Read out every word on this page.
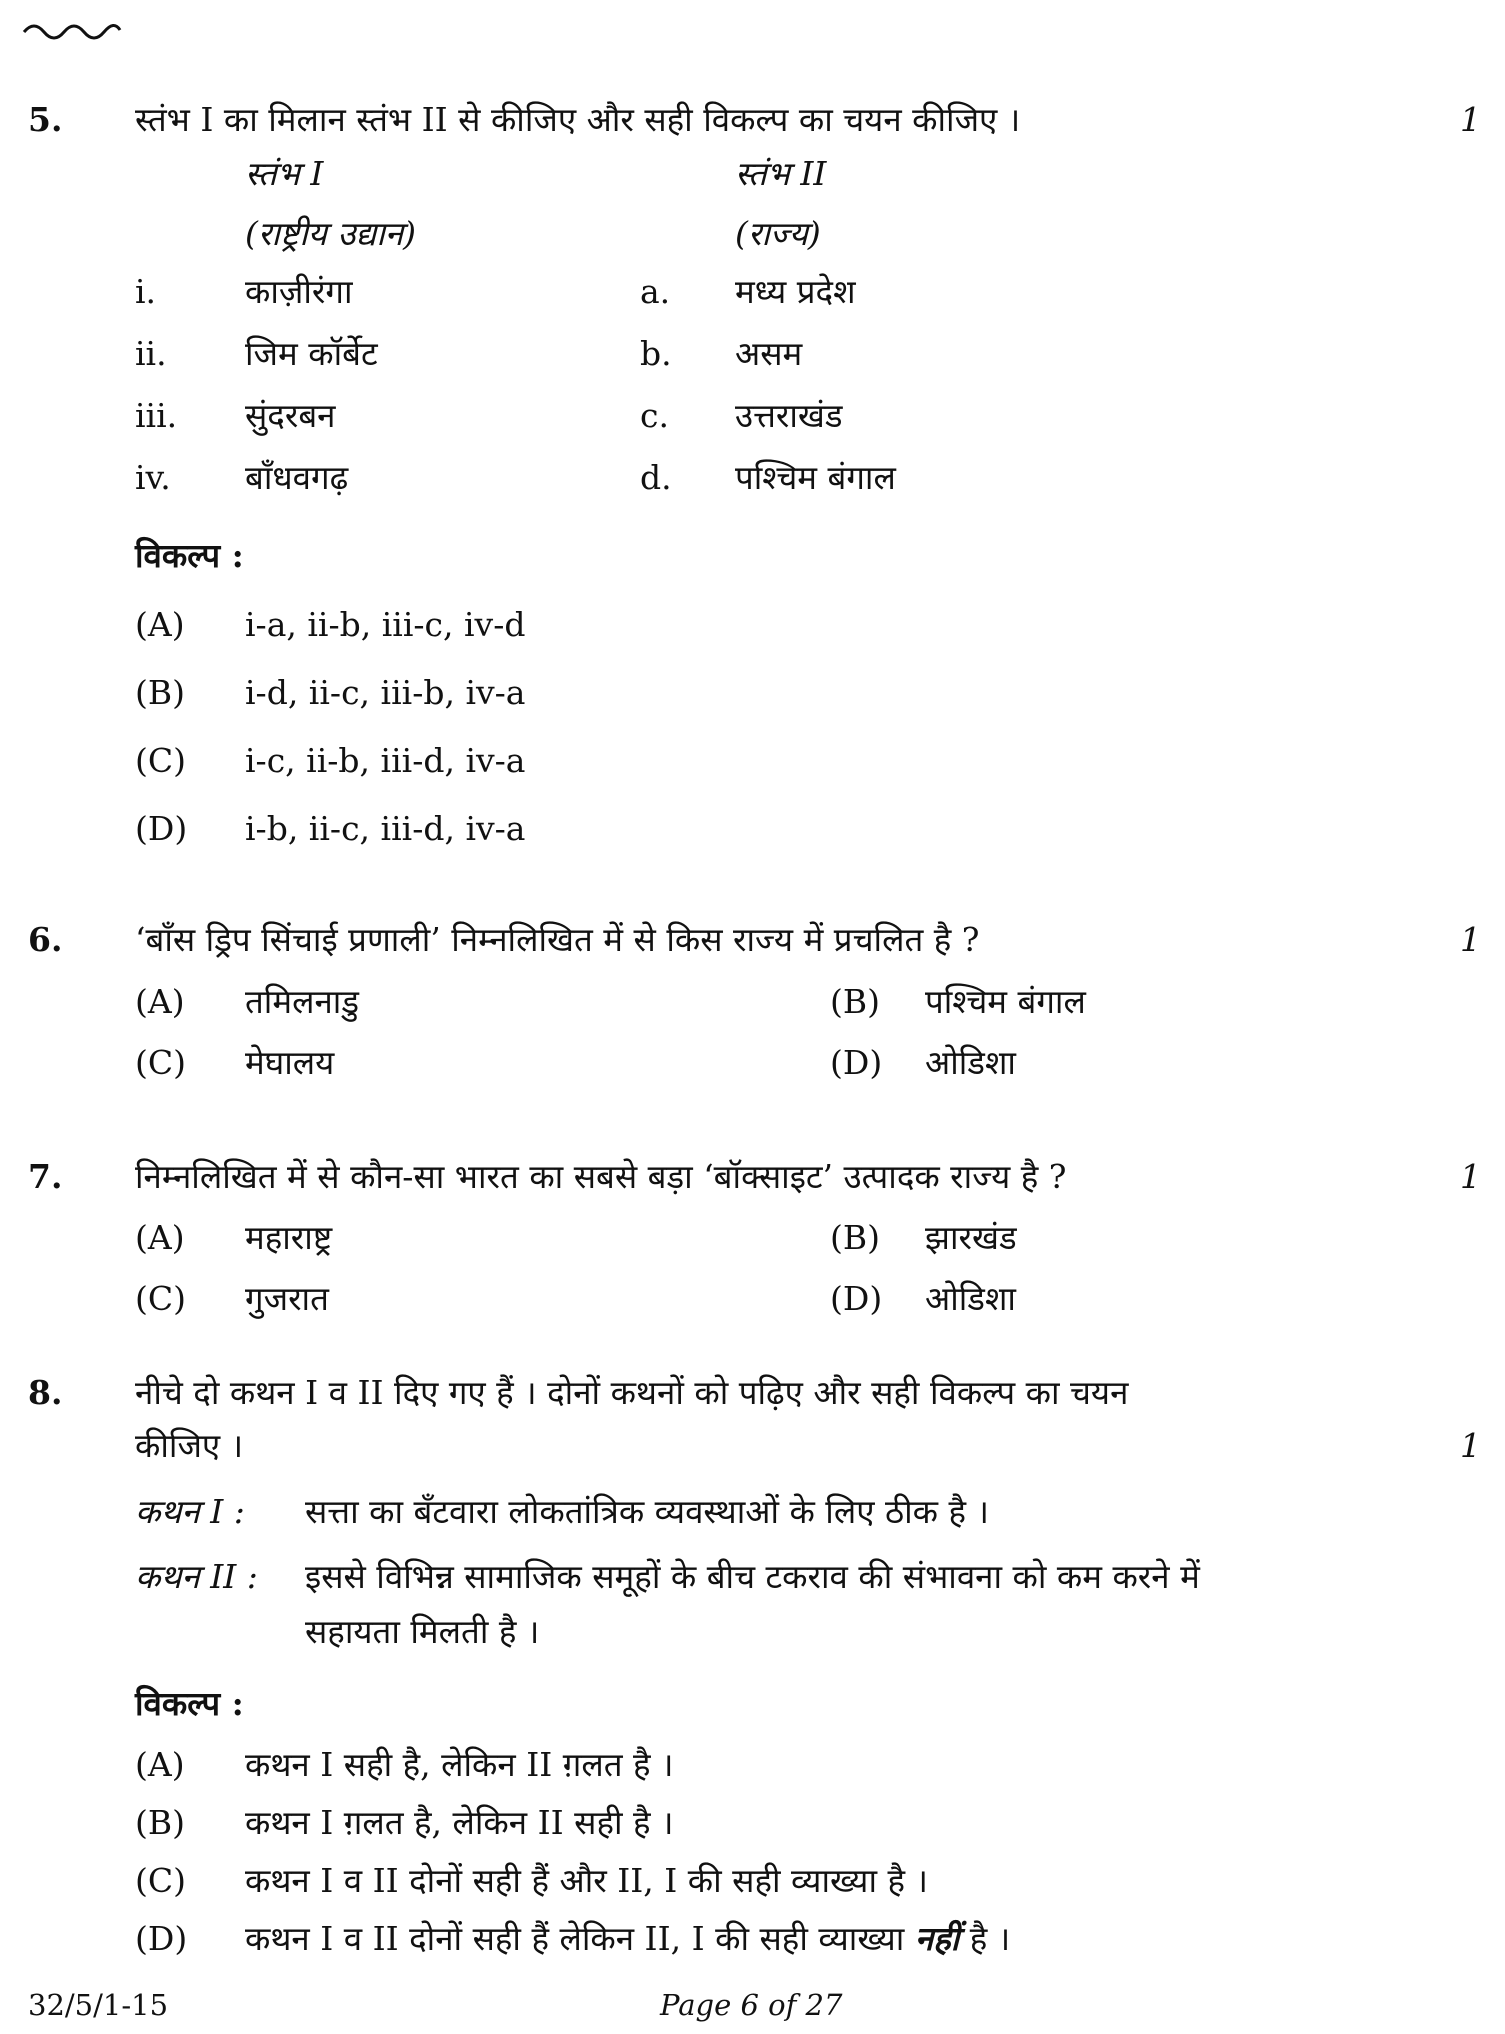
5. स्तंभ I का मिलान स्तंभ II से कीजिए और सही विकल्प का चयन कीजिए ।	1
स्तंभ I	स्तंभ II
(राष्ट्रीय उद्यान)	(राज्य)
i.	काज़ीरंगा	a. मध्य प्रदेश
ii. जिम कॉर्बेट	b. असम
iii. सुंदरबन	c. उत्तराखंड
iv. बाँधवगढ़	d. पश्चिम बंगाल
विकल्प :
(A) i-a, ii-b, iii-c, iv-d
(B) i-d, ii-c, iii-b, iv-a
(C) i-c, ii-b, iii-d, iv-a
(D) i-b, ii-c, iii-d, iv-a
6. ‘बाँस ड्रिप सिंचाई प्रणाली’ निम्नलिखित में से किस राज्य में प्रचलित है ?	1
(A) तमिलनाडु	(B) पश्चिम बंगाल
(C) मेघालय	(D) ओडिशा
7. निम्नलिखित में से कौन-सा भारत का सबसे बड़ा ‘बॉक्साइट’ उत्पादक राज्य है ?	1
(A) महाराष्ट्र	(B) झारखंड
(C) गुजरात	(D) ओडिशा
8. नीचे दो कथन I व II दिए गए हैं । दोनों कथनों को पढ़िए और सही विकल्प का चयन
कीजिए ।	1
कथन I : सत्ता का बँटवारा लोकतांत्रिक व्यवस्थाओं के लिए ठीक है ।
कथन II : इससे विभिन्न सामाजिक समूहों के बीच टकराव की संभावना को कम करने में
सहायता मिलती है ।
विकल्प :
(A) कथन I सही है, लेकिन II ग़लत है ।
(B) कथन I ग़लत है, लेकिन II सही है ।
(C) कथन I व II दोनों सही हैं और II, I की सही व्याख्या है ।
(D) कथन I व II दोनों सही हैं लेकिन II, I की सही व्याख्या नहीं है ।
32/5/1-15	Page 6 of 27
